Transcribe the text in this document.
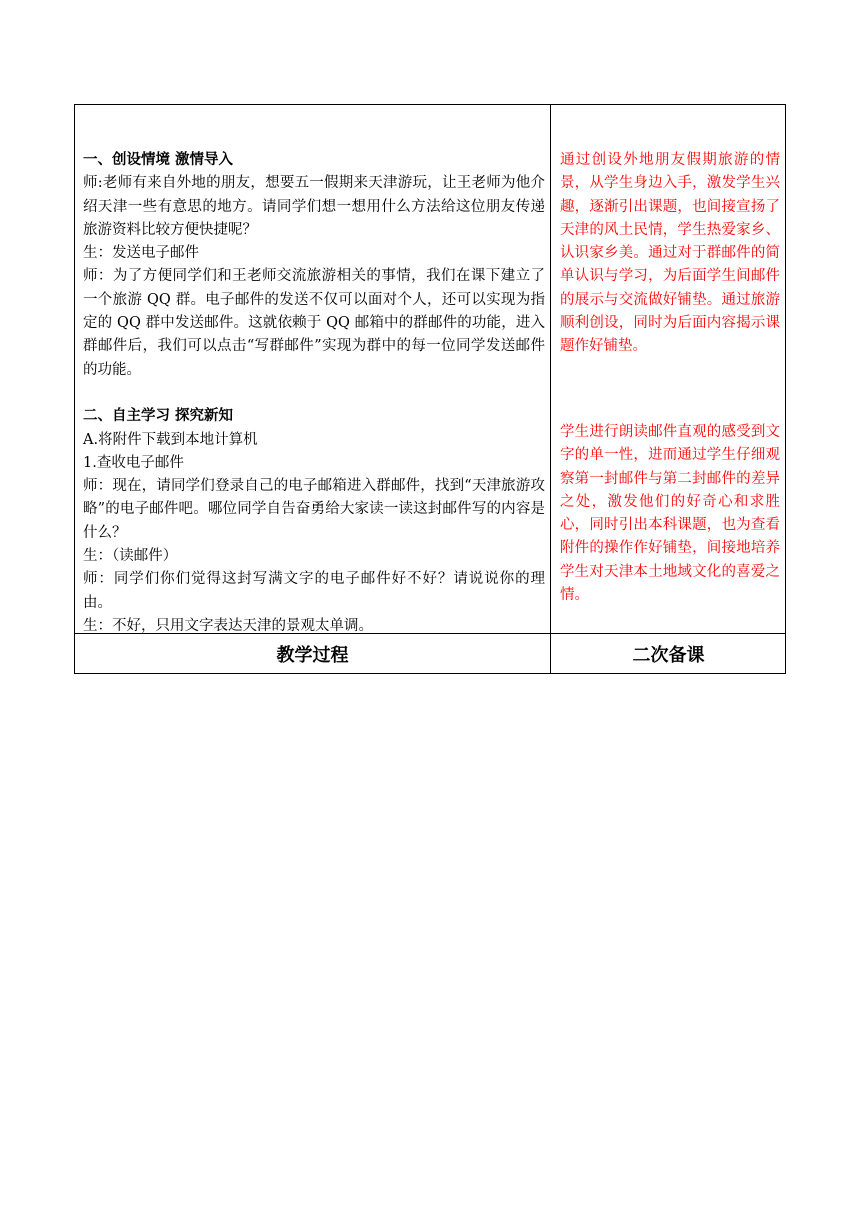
一、创设情境 激情导入

师:老师有来自外地的朋友，想要五一假期来天津游玩，让王老师为他介绍天津一些有意思的地方。请同学们想一想用什么方法给这位朋友传递旅游资料比较方便快捷呢？

生：发送电子邮件

师：为了方便同学们和王老师交流旅游相关的事情，我们在课下建立了一个旅游 QQ 群。电子邮件的发送不仅可以面对个人，还可以实现为指定的 QQ 群中发送邮件。这就依赖于 QQ 邮箱中的群邮件的功能，进入群邮件后，我们可以点击“写群邮件”实现为群中的每一位同学发送邮件的功能。

二、自主学习 探究新知

A.将附件下载到本地计算机

1.查收电子邮件

师：现在，请同学们登录自己的电子邮箱进入群邮件，找到“天津旅游攻略”的电子邮件吧。哪位同学自告奋勇给大家读一读这封邮件写的内容是什么？

生：（读邮件）

师：同学们你们觉得这封写满文字的电子邮件好不好？请说说你的理由。

生：不好，只用文字表达天津的景观太单调。

通过创设外地朋友假期旅游的情景，从学生身边入手，激发学生兴趣，逐渐引出课题，也间接宣扬了天津的风土民情，学生热爱家乡、认识家乡美。通过对于群邮件的简单认识与学习，为后面学生间邮件的展示与交流做好铺垫。通过旅游顺利创设，同时为后面内容揭示课题作好铺垫。
学生进行朗读邮件直观的感受到文字的单一性，进而通过学生仔细观察第一封邮件与第二封邮件的差异之处，激发他们的好奇心和求胜心，同时引出本科课题，也为查看附件的操作作好铺垫，间接地培养学生对天津本土地域文化的喜爱之情。
教学过程	二次备课
